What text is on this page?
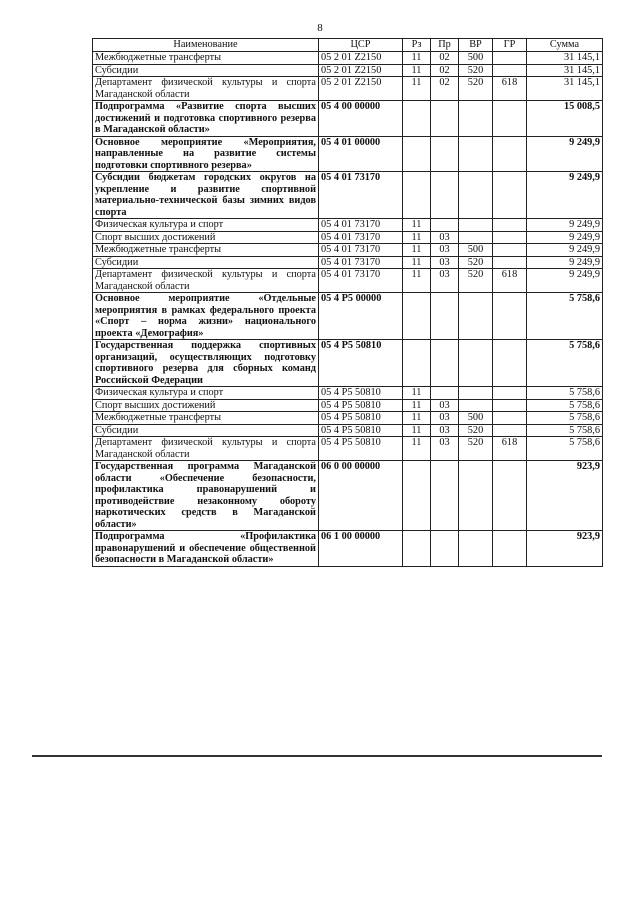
8
Наименование	ЦСР	Рз	Пр	ВР	ГР	Сумма
Межбюджетные трансферты	05 2 01 Z2150	11	02	500		31 145,1
Субсидии	05 2 01 Z2150	11	02	520		31 145,1
Департамент физической культуры и спорта Магаданской области	05 2 01 Z2150	11	02	520	618	31 145,1
Подпрограмма «Развитие спорта высших достижений и подготовка спортивного резерва в Магаданской области»	05 4 00 00000					15 008,5
Основное мероприятие «Мероприятия, направленные на развитие системы подготовки спортивного резерва»	05 4 01 00000					9 249,9
Субсидии бюджетам городских округов на укрепление и развитие спортивной материально-технической базы зимних видов спорта	05 4 01 73170					9 249,9
Физическая культура и спорт	05 4 01 73170	11				9 249,9
Спорт высших достижений	05 4 01 73170	11	03			9 249,9
Межбюджетные трансферты	05 4 01 73170	11	03	500		9 249,9
Субсидии	05 4 01 73170	11	03	520		9 249,9
Департамент физической культуры и спорта Магаданской области	05 4 01 73170	11	03	520	618	9 249,9
Основное мероприятие «Отдельные мероприятия в рамках федерального проекта «Спорт – норма жизни» национального проекта «Демография»	05 4 P5 00000					5 758,6
Государственная поддержка спортивных организаций, осуществляющих подготовку спортивного резерва для сборных команд Российской Федерации	05 4 P5 50810					5 758,6
Физическая культура и спорт	05 4 P5 50810	11				5 758,6
Спорт высших достижений	05 4 P5 50810	11	03			5 758,6
Межбюджетные трансферты	05 4 P5 50810	11	03	500		5 758,6
Субсидии	05 4 P5 50810	11	03	520		5 758,6
Департамент физической культуры и спорта Магаданской области	05 4 P5 50810	11	03	520	618	5 758,6
Государственная программа Магаданской области «Обеспечение безопасности, профилактика правонарушений и противодействие незаконному обороту наркотических средств в Магаданской области»	06 0 00 00000					923,9
Подпрограмма «Профилактика правонарушений и обеспечение общественной безопасности в Магаданской области»	06 1 00 00000					923,9
